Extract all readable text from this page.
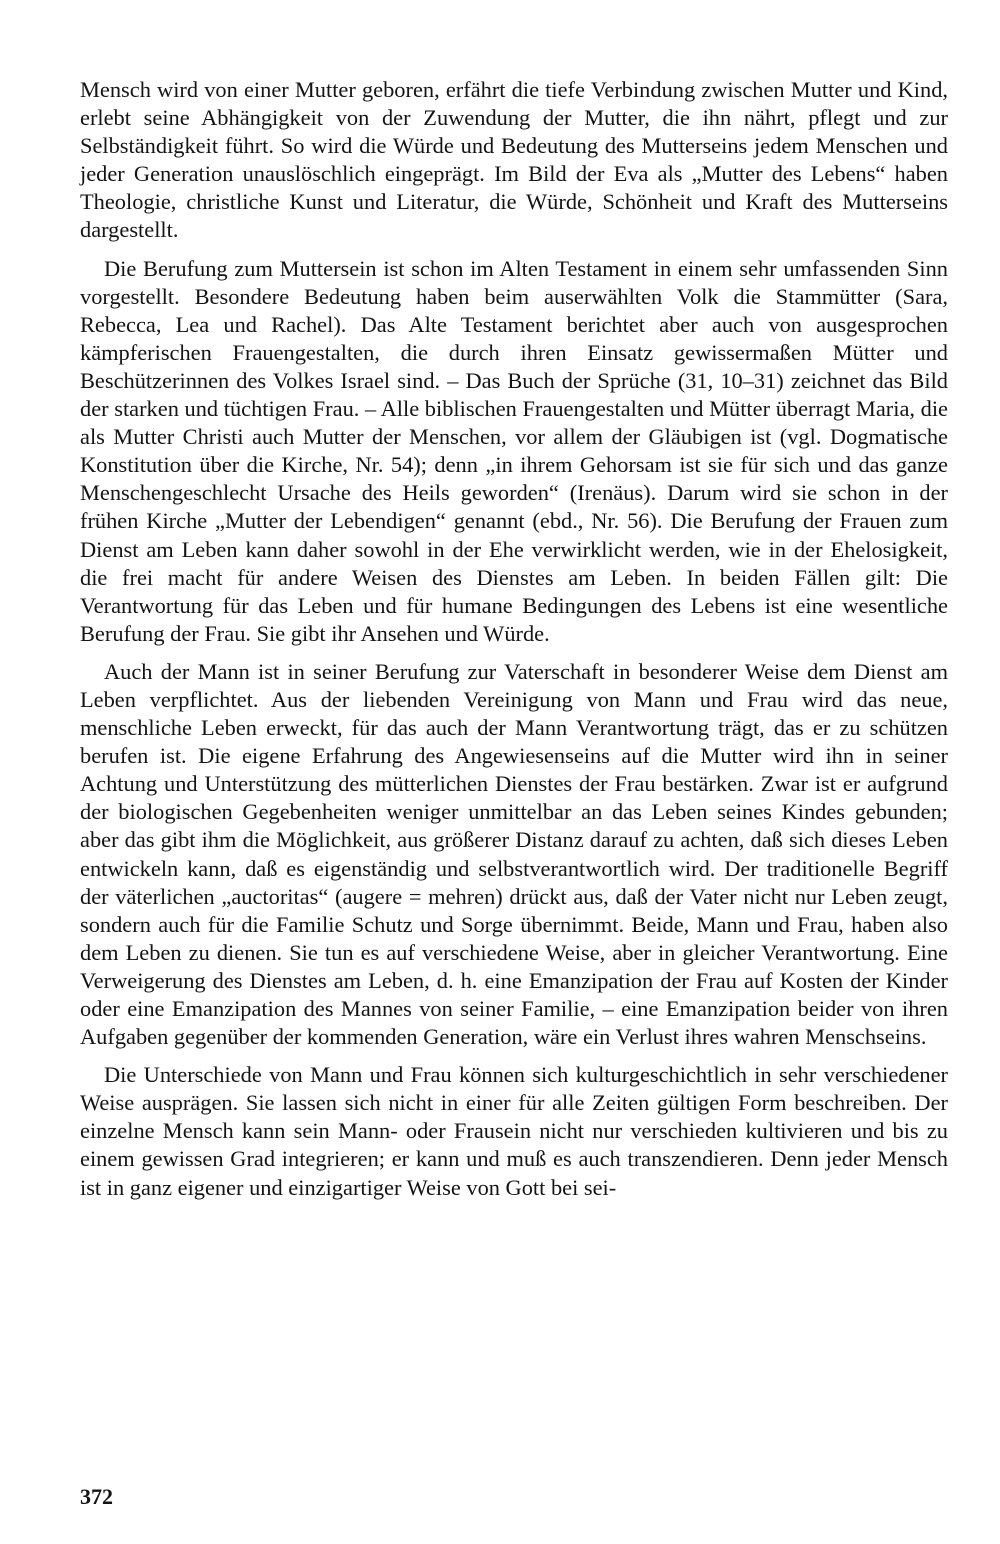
Mensch wird von einer Mutter geboren, erfährt die tiefe Verbindung zwischen Mutter und Kind, erlebt seine Abhängigkeit von der Zuwendung der Mutter, die ihn nährt, pflegt und zur Selbständigkeit führt. So wird die Würde und Bedeutung des Mutterseins jedem Menschen und jeder Generation unauslöschlich eingeprägt. Im Bild der Eva als „Mutter des Lebens“ haben Theologie, christliche Kunst und Literatur, die Würde, Schönheit und Kraft des Mutterseins dargestellt.

Die Berufung zum Muttersein ist schon im Alten Testament in einem sehr umfassenden Sinn vorgestellt. Besondere Bedeutung haben beim auserwählten Volk die Stammütter (Sara, Rebecca, Lea und Rachel). Das Alte Testament berichtet aber auch von ausgesprochen kämpferischen Frauengestalten, die durch ihren Einsatz gewissermaßen Mütter und Beschützerinnen des Volkes Israel sind. – Das Buch der Sprüche (31, 10–31) zeichnet das Bild der starken und tüchtigen Frau. – Alle biblischen Frauengestalten und Mütter überragt Maria, die als Mutter Christi auch Mutter der Menschen, vor allem der Gläubigen ist (vgl. Dogmatische Konstitution über die Kirche, Nr. 54); denn „in ihrem Gehorsam ist sie für sich und das ganze Menschengeschlecht Ursache des Heils geworden“ (Irenäus). Darum wird sie schon in der frühen Kirche „Mutter der Lebendigen“ genannt (ebd., Nr. 56). Die Berufung der Frauen zum Dienst am Leben kann daher sowohl in der Ehe verwirklicht werden, wie in der Ehelosigkeit, die frei macht für andere Weisen des Dienstes am Leben. In beiden Fällen gilt: Die Verantwortung für das Leben und für humane Bedingungen des Lebens ist eine wesentliche Berufung der Frau. Sie gibt ihr Ansehen und Würde.

Auch der Mann ist in seiner Berufung zur Vaterschaft in besonderer Weise dem Dienst am Leben verpflichtet. Aus der liebenden Vereinigung von Mann und Frau wird das neue, menschliche Leben erweckt, für das auch der Mann Verantwortung trägt, das er zu schützen berufen ist. Die eigene Erfahrung des Angewiesenseins auf die Mutter wird ihn in seiner Achtung und Unterstützung des mütterlichen Dienstes der Frau bestärken. Zwar ist er aufgrund der biologischen Gegebenheiten weniger unmittelbar an das Leben seines Kindes gebunden; aber das gibt ihm die Möglichkeit, aus größerer Distanz darauf zu achten, daß sich dieses Leben entwickeln kann, daß es eigenständig und selbstverantwortlich wird. Der traditionelle Begriff der väterlichen „auctoritas“ (augere = mehren) drückt aus, daß der Vater nicht nur Leben zeugt, sondern auch für die Familie Schutz und Sorge übernimmt. Beide, Mann und Frau, haben also dem Leben zu dienen. Sie tun es auf verschiedene Weise, aber in gleicher Verantwortung. Eine Verweigerung des Dienstes am Leben, d. h. eine Emanzipation der Frau auf Kosten der Kinder oder eine Emanzipation des Mannes von seiner Familie, – eine Emanzipation beider von ihren Aufgaben gegenüber der kommenden Generation, wäre ein Verlust ihres wahren Menschseins.

Die Unterschiede von Mann und Frau können sich kulturgeschichtlich in sehr verschiedener Weise ausprägen. Sie lassen sich nicht in einer für alle Zeiten gültigen Form beschreiben. Der einzelne Mensch kann sein Mann- oder Frausein nicht nur verschieden kultivieren und bis zu einem gewissen Grad integrieren; er kann und muß es auch transzendieren. Denn jeder Mensch ist in ganz eigener und einzigartiger Weise von Gott bei sei-

372
